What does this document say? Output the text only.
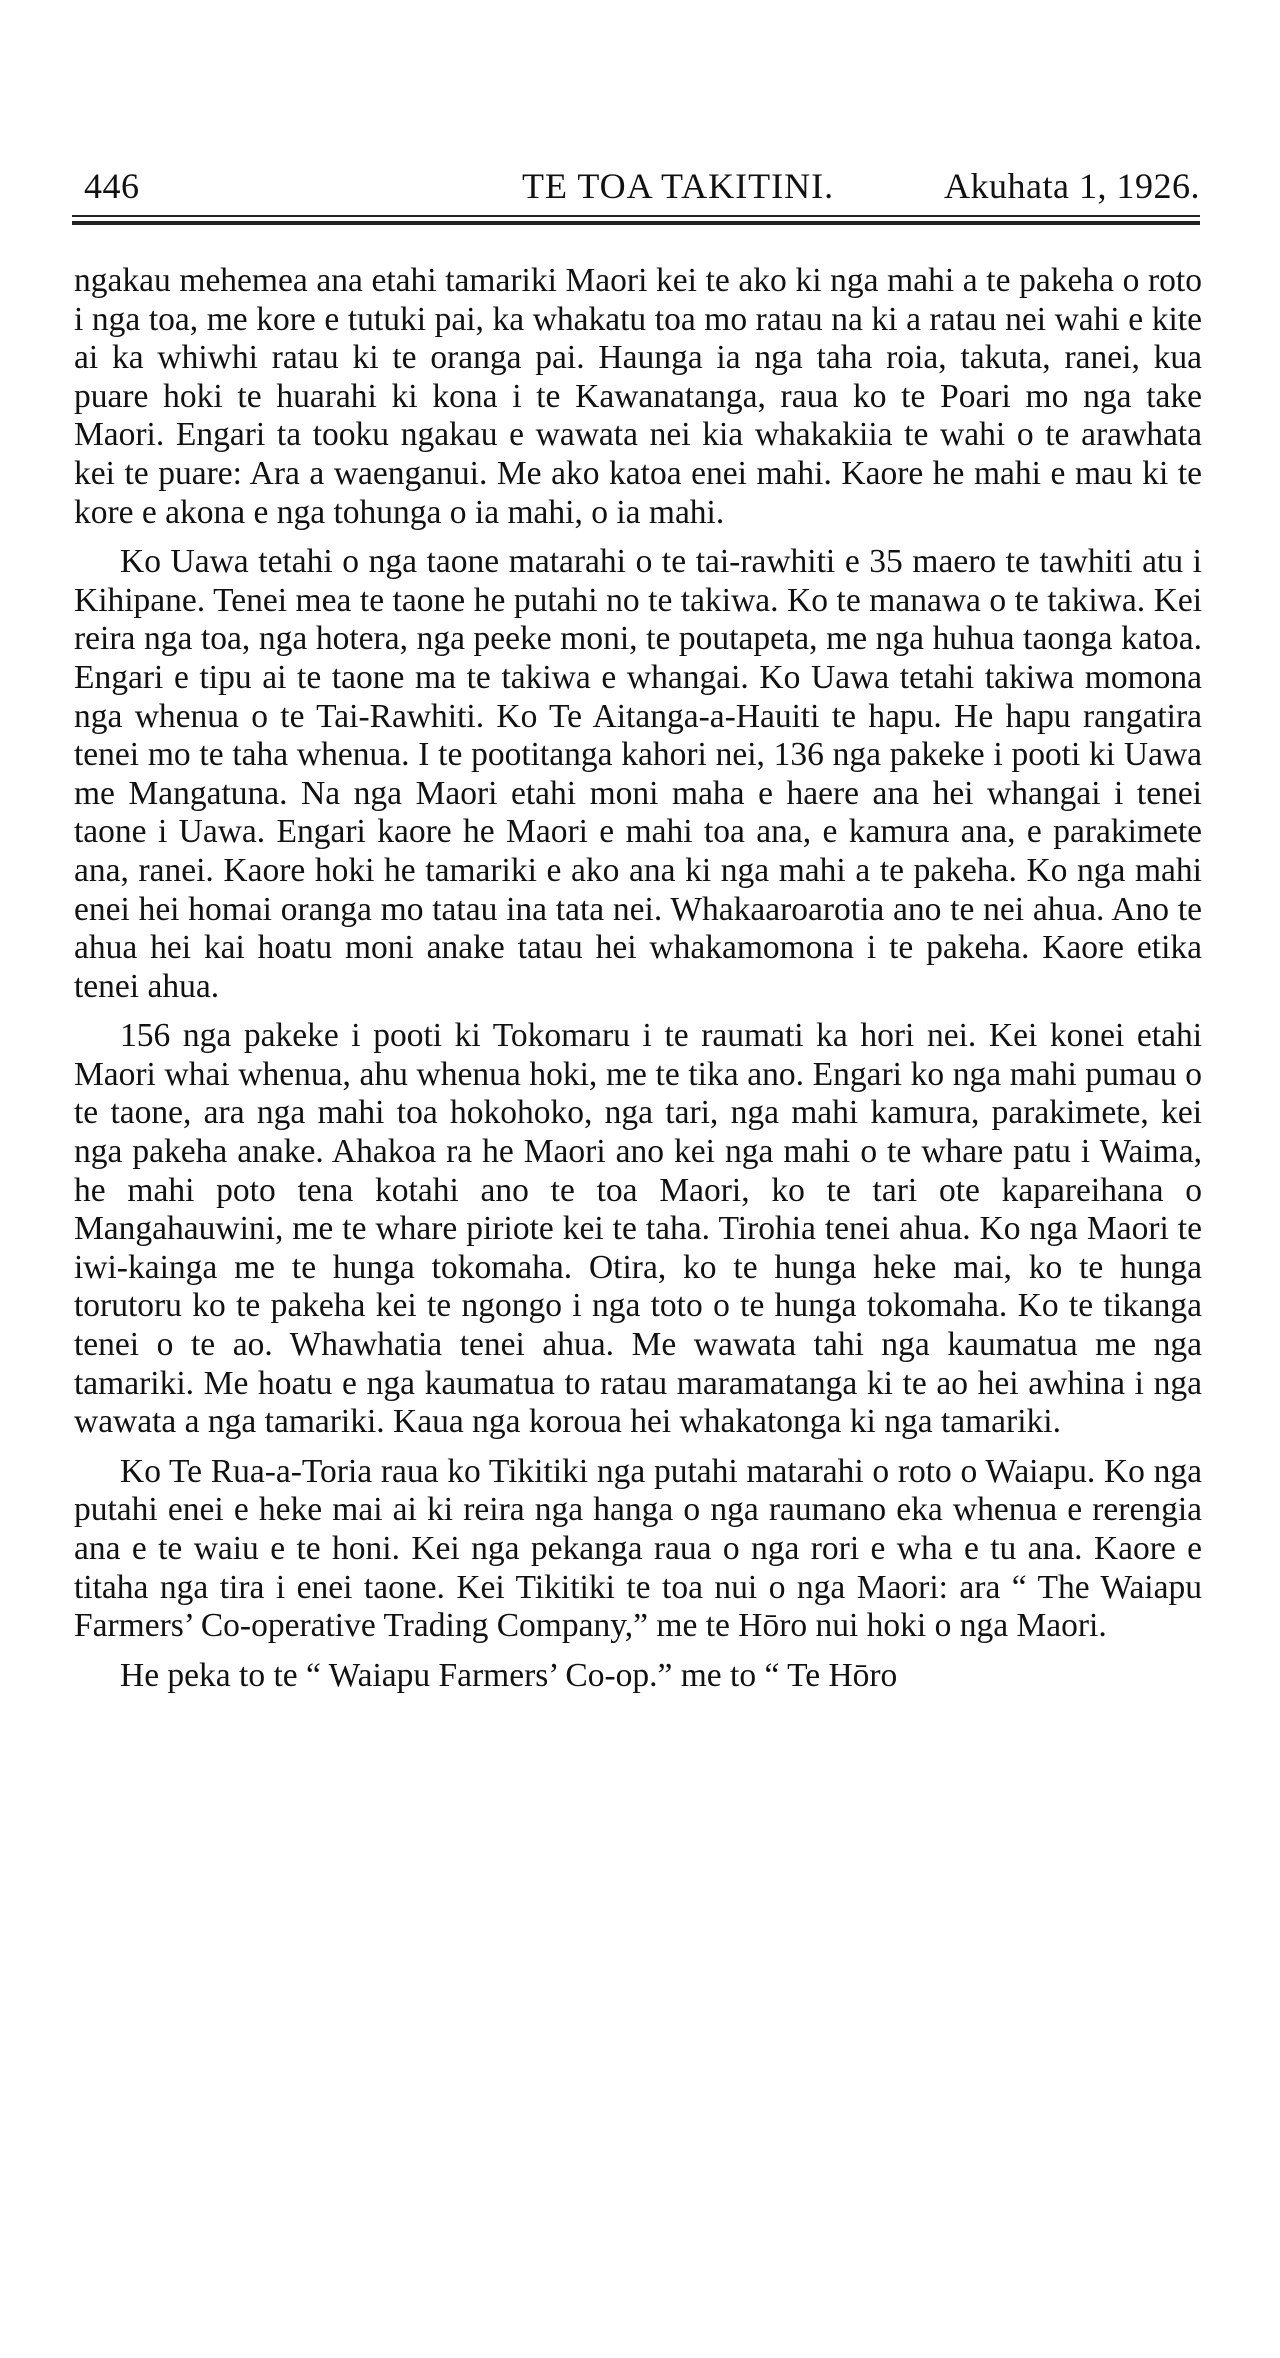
446	TE TOA TAKITINI.	Akuhata 1, 1926.

ngakau mehemea ana etahi tamariki Maori kei te ako ki nga mahi a te pakeha o roto i nga toa, me kore e tutuki pai, ka whakatu toa mo ratau na ki a ratau nei wahi e kite ai ka whiwhi ratau ki te oranga pai. Haunga ia nga taha roia, takuta, ranei, kua puare hoki te huarahi ki kona i te Kawanatanga, raua ko te Poari mo nga take Maori. Engari ta tooku ngakau e wawata nei kia whakakiia te wahi o te arawhata kei te puare: Ara a waenganui. Me ako katoa enei mahi. Kaore he mahi e mau ki te kore e akona e nga tohunga o ia mahi, o ia mahi.

Ko Uawa tetahi o nga taone matarahi o te tai-rawhiti e 35 maero te tawhiti atu i Kihipane. Tenei mea te taone he putahi no te takiwa. Ko te manawa o te takiwa. Kei reira nga toa, nga hotera, nga peeke moni, te poutapeta, me nga huhua taonga katoa. Engari e tipu ai te taone ma te takiwa e whangai. Ko Uawa tetahi takiwa momona nga whenua o te Tai-Rawhiti. Ko Te Aitanga-a-Hauiti te hapu. He hapu rangatira tenei mo te taha whenua. I te pootitanga kahori nei, 136 nga pakeke i pooti ki Uawa me Mangatuna. Na nga Maori etahi moni maha e haere ana hei whangai i tenei taone i Uawa. Engari kaore he Maori e mahi toa ana, e kamura ana, e parakimete ana, ranei. Kaore hoki he tamariki e ako ana ki nga mahi a te pakeha. Ko nga mahi enei hei homai oranga mo tatau ina tata nei. Whakaaroarotia ano te nei ahua. Ano te ahua hei kai hoatu moni anake tatau hei whakamomona i te pakeha. Kaore etika tenei ahua.

156 nga pakeke i pooti ki Tokomaru i te raumati ka hori nei. Kei konei etahi Maori whai whenua, ahu whenua hoki, me te tika ano. Engari ko nga mahi pumau o te taone, ara nga mahi toa hokohoko, nga tari, nga mahi kamura, parakimete, kei nga pakeha anake. Ahakoa ra he Maori ano kei nga mahi o te whare patu i Waima, he mahi poto tena kotahi ano te toa Maori, ko te tari ote kapareihana o Mangahauwini, me te whare piriote kei te taha. Tirohia tenei ahua. Ko nga Maori te iwi-kainga me te hunga tokomaha. Otira, ko te hunga heke mai, ko te hunga torutoru ko te pakeha kei te ngongo i nga toto o te hunga tokomaha. Ko te tikanga tenei o te ao. Whawhatia tenei ahua. Me wawata tahi nga kaumatua me nga tamariki. Me hoatu e nga kaumatua to ratau maramatanga ki te ao hei awhina i nga wawata a nga tamariki. Kaua nga koroua hei whakatonga ki nga tamariki.

Ko Te Rua-a-Toria raua ko Tikitiki nga putahi matarahi o roto o Waiapu. Ko nga putahi enei e heke mai ai ki reira nga hanga o nga raumano eka whenua e rerengia ana e te waiu e te honi. Kei nga pekanga raua o nga rori e wha e tu ana. Kaore e titaha nga tira i enei taone. Kei Tikitiki te toa nui o nga Maori: ara “ The Waiapu Farmers’ Co-operative Trading Company,” me te Hōro nui hoki o nga Maori.

He peka to te “ Waiapu Farmers’ Co-op.” me to “ Te Hōro
